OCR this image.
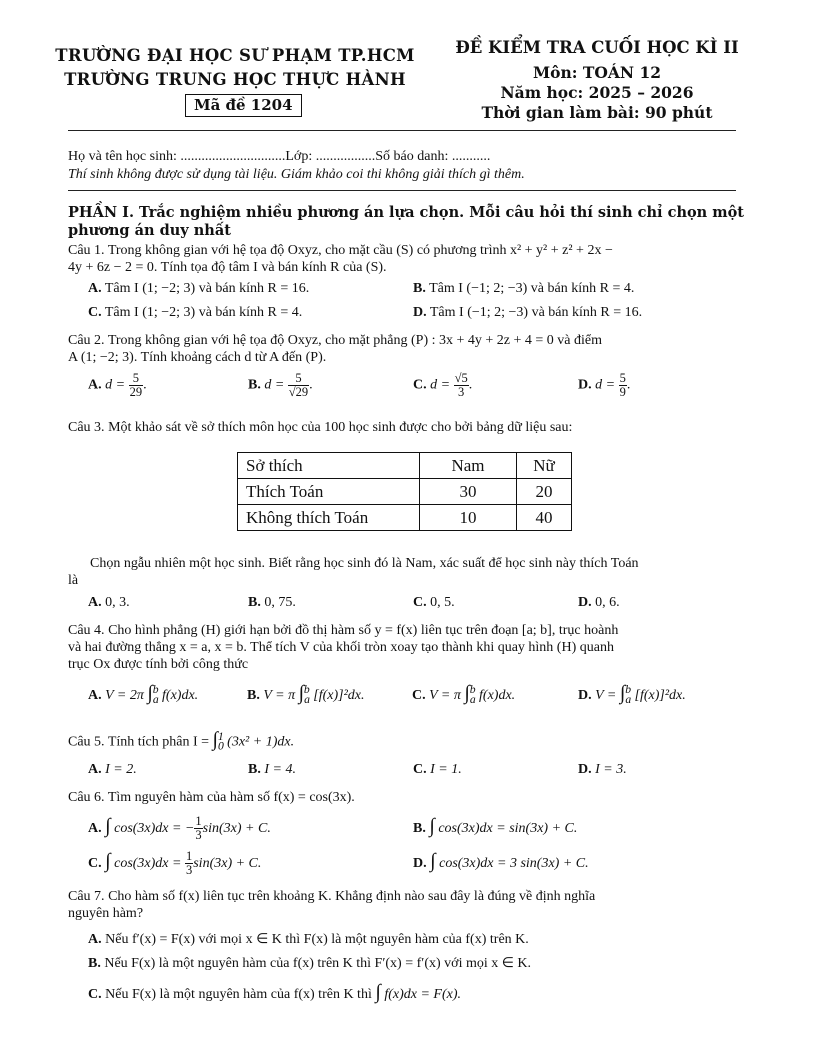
TRƯỜNG ĐẠI HỌC SƯ PHẠM TP.HCM
TRƯỜNG TRUNG HỌC THỰC HÀNH
Mã đề 1204
ĐỀ KIỂM TRA CUỐI HỌC KÌ II
Môn: TOÁN 12
Năm học: 2025 – 2026
Thời gian làm bài: 90 phút
Họ và tên học sinh: ..............................Lớp: .................Số báo danh: ...........
Thí sinh không được sử dụng tài liệu. Giám khảo coi thi không giải thích gì thêm.
PHẦN I. Trắc nghiệm nhiều phương án lựa chọn. Mỗi câu hỏi thí sinh chỉ chọn một
phương án duy nhất
Câu 1. Trong không gian với hệ tọa độ Oxyz, cho mặt cầu (S) có phương trình x² + y² + z² + 2x −
4y + 6z − 2 = 0. Tính tọa độ tâm I và bán kính R của (S).
A. Tâm I (1; −2; 3) và bán kính R = 16.	B. Tâm I (−1; 2; −3) và bán kính R = 4.
C. Tâm I (1; −2; 3) và bán kính R = 4.	D. Tâm I (−1; 2; −3) và bán kính R = 16.
Câu 2. Trong không gian với hệ tọa độ Oxyz, cho mặt phẳng (P) : 3x + 4y + 2z + 4 = 0 và điểm
A (1; −2; 3). Tính khoảng cách d từ A đến (P).
A. $d = \frac{5}{29}$ .	B. $d = \frac{5}{√29}$ .	C. $d = \frac{√5}{3}$ .	D. $d = \frac{5}{9}$ .
Câu 3. Một khảo sát về sở thích môn học của 100 học sinh được cho bởi bảng dữ liệu sau:
Sở thích	Nam	Nữ
Thích Toán	30	20
Không thích Toán	10	40
Chọn ngẫu nhiên một học sinh. Biết rằng học sinh đó là Nam, xác suất để học sinh này thích Toán
là
A. 0, 3.	B. 0, 75.	C. 0, 5.	D. 0, 6.
Câu 4. Cho hình phẳng (H) giới hạn bởi đồ thị hàm số y = f(x) liên tục trên đoạn [a; b], trục hoành
và hai đường thẳng x = a, x = b. Thể tích V của khối tròn xoay tạo thành khi quay hình (H) quanh
trục Ox được tính bởi công thức
A. V = 2π $\int_a^b$ f(x)dx.	B. V = π $\int_a^b$ [f(x)]²dx.	C. V = π $\int_a^b$ f(x)dx.	D. $V = \int_a^b$ [f(x)]²dx.
Câu 5. Tính tích phân $I = \int_0^1$ (3x² + 1)dx.
A. I = 2.	B. I = 4.	C. I = 1.	D. I = 3.
Câu 6. Tìm nguyên hàm của hàm số f(x) = cos(3x).
A. ∫ cos(3x)dx = − $\frac{1}{3} \sin(3x) + C$.	B. ∫ cos(3x)dx = sin(3x) + C.
C. ∫ $\cos(3x)dx = \frac{1}{3} \sin(3x) + C$.	D. ∫ cos(3x)dx = 3 sin(3x) + C.
Câu 7. Cho hàm số f(x) liên tục trên khoảng K. Khẳng định nào sau đây là đúng về định nghĩa
nguyên hàm?
A. Nếu f′(x) = F(x) với mọi x ∈ K thì F(x) là một nguyên hàm của f(x) trên K.
B. Nếu F(x) là một nguyên hàm của f(x) trên K thì F′(x) = f′(x) với mọi x ∈ K.
C. Nếu F(x) là một nguyên hàm của f(x) trên K thì ∫ f(x)dx = F(x).
